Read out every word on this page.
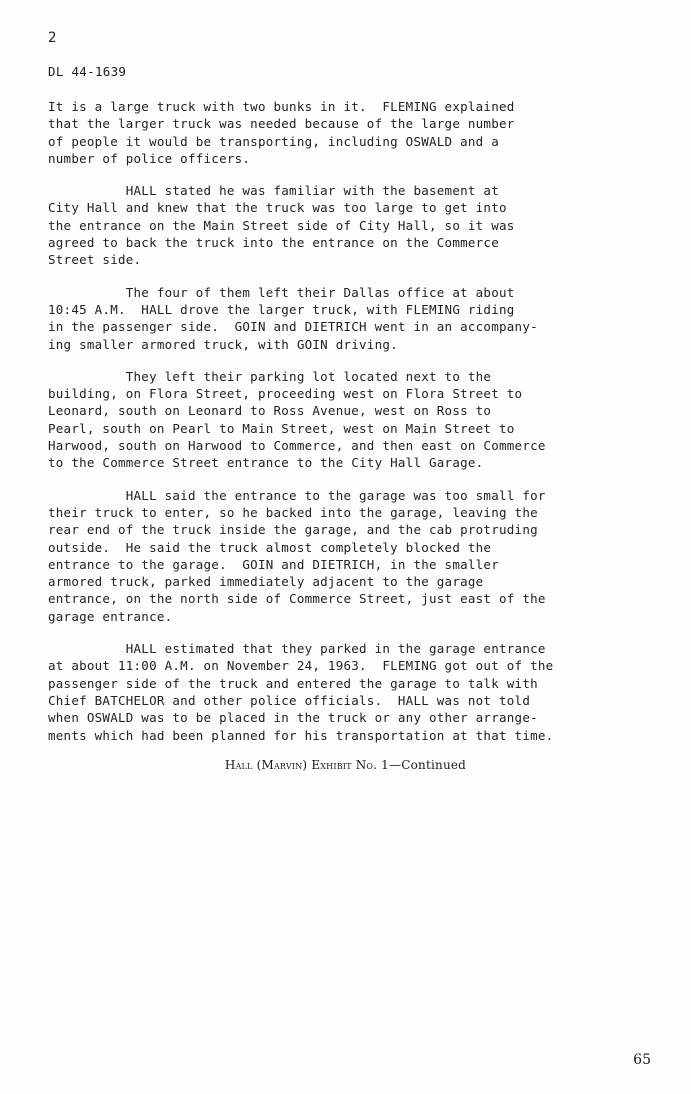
2
DL 44-1639
It is a large truck with two bunks in it.  FLEMING explained
that the larger truck was needed because of the large number
of people it would be transporting, including OSWALD and a
number of police officers.
HALL stated he was familiar with the basement at
City Hall and knew that the truck was too large to get into
the entrance on the Main Street side of City Hall, so it was
agreed to back the truck into the entrance on the Commerce
Street side.
The four of them left their Dallas office at about
10:45 A.M.  HALL drove the larger truck, with FLEMING riding
in the passenger side.  GOIN and DIETRICH went in an accompany-
ing smaller armored truck, with GOIN driving.
They left their parking lot located next to the
building, on Flora Street, proceeding west on Flora Street to
Leonard, south on Leonard to Ross Avenue, west on Ross to
Pearl, south on Pearl to Main Street, west on Main Street to
Harwood, south on Harwood to Commerce, and then east on Commerce
to the Commerce Street entrance to the City Hall Garage.
HALL said the entrance to the garage was too small for
their truck to enter, so he backed into the garage, leaving the
rear end of the truck inside the garage, and the cab protruding
outside.  He said the truck almost completely blocked the
entrance to the garage.  GOIN and DIETRICH, in the smaller
armored truck, parked immediately adjacent to the garage
entrance, on the north side of Commerce Street, just east of the
garage entrance.
HALL estimated that they parked in the garage entrance
at about 11:00 A.M. on November 24, 1963.  FLEMING got out of the
passenger side of the truck and entered the garage to talk with
Chief BATCHELOR and other police officials.  HALL was not told
when OSWALD was to be placed in the truck or any other arrange-
ments which had been planned for his transportation at that time.
Hall (Marvin) Exhibit No. 1—Continued
65
